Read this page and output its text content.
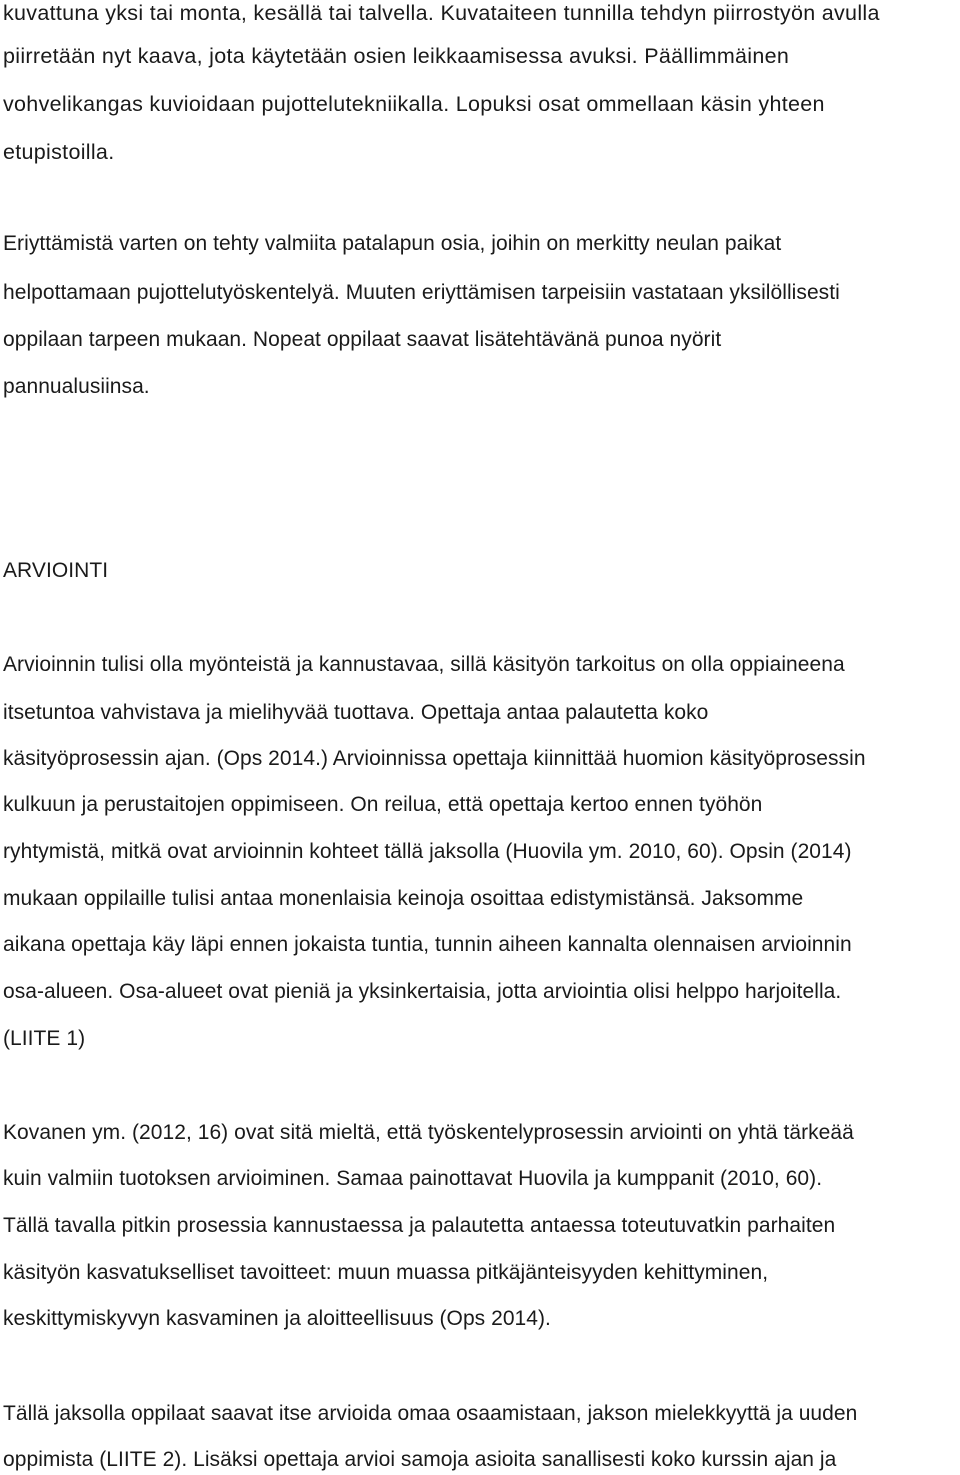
kuvattuna yksi tai monta, kesällä tai talvella. Kuvataiteen tunnilla tehdyn piirrostyön avulla
piirretään nyt kaava, jota käytetään osien leikkaamisessa avuksi. Päällimmäinen
vohvelikangas kuvioidaan pujottelutekniikalla. Lopuksi osat ommellaan käsin yhteen
etupistoilla.
Eriyttämistä varten on tehty valmiita patalapun osia, joihin on merkitty neulan paikat
helpottamaan pujottelutyöskentelyä. Muuten eriyttämisen tarpeisiin vastataan yksilöllisesti
oppilaan tarpeen mukaan. Nopeat oppilaat saavat lisätehtävänä punoa nyörit
pannualusiinsa.
ARVIOINTI
Arvioinnin tulisi olla myönteistä ja kannustavaa, sillä käsityön tarkoitus on olla oppiaineena
itsetuntoa vahvistava ja mielihyvää tuottava. Opettaja antaa palautetta koko
käsityöprosessin ajan. (Ops 2014.) Arvioinnissa opettaja kiinnittää huomion käsityöprosessin
kulkuun ja perustaitojen oppimiseen. On reilua, että opettaja kertoo ennen työhön
ryhtymistä, mitkä ovat arvioinnin kohteet tällä jaksolla (Huovila ym. 2010, 60). Opsin (2014)
mukaan oppilaille tulisi antaa monenlaisia keinoja osoittaa edistymistänsä. Jaksomme
aikana opettaja käy läpi ennen jokaista tuntia, tunnin aiheen kannalta olennaisen arvioinnin
osa-alueen. Osa-alueet ovat pieniä ja yksinkertaisia, jotta arviointia olisi helppo harjoitella.
(LIITE 1)
Kovanen ym. (2012, 16) ovat sitä mieltä, että työskentelyprosessin arviointi on yhtä tärkeää
kuin valmiin tuotoksen arvioiminen. Samaa painottavat Huovila ja kumppanit (2010, 60).
Tällä tavalla pitkin prosessia kannustaessa ja palautetta antaessa toteutuvatkin parhaiten
käsityön kasvatukselliset tavoitteet: muun muassa pitkäjänteisyyden kehittyminen,
keskittymiskyvyn kasvaminen ja aloitteellisuus (Ops 2014).
Tällä jaksolla oppilaat saavat itse arvioida omaa osaamistaan, jakson mielekkyyttä ja uuden
oppimista (LIITE 2). Lisäksi opettaja arvioi samoja asioita sanallisesti koko kurssin ajan ja
